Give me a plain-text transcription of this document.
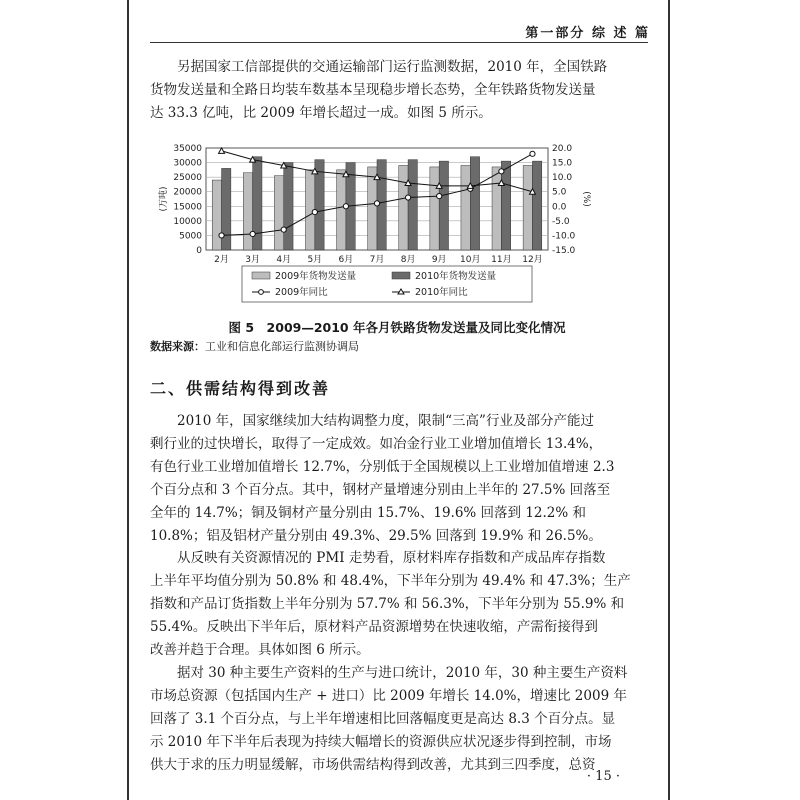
第一部分 综 述 篇

另据国家工信部提供的交通运输部门运行监测数据，2010 年，全国铁路
货物发送量和全路日均装车数基本呈现稳步增长态势，全年铁路货物发送量
达 33.3 亿吨，比 2009 年增长超过一成。如图 5 所示。

0
5000
10000
15000
20000
25000
30000
35000
-15.0
-10.0
-5.0
0.0
5.0
10.0
15.0
20.0
(万吨)	(%)
2月 3月 4月 5月 6月 7月 8月 9月 10月 11月 12月
2009年货物发送量	2010年货物发送量
2009年同比	2010年同比
图 5　2009—2010 年各月铁路货物发送量及同比变化情况
数据来源：工业和信息化部运行监测协调局
二、供需结构得到改善

2010 年，国家继续加大结构调整力度，限制“三高”行业及部分产能过
剩行业的过快增长，取得了一定成效。如冶金行业工业增加值增长 13.4%，
有色行业工业增加值增长 12.7%，分别低于全国规模以上工业增加值增速 2.3
个百分点和 3 个百分点。其中，钢材产量增速分别由上半年的 27.5% 回落至
全年的 14.7%；铜及铜材产量分别由 15.7%、19.6% 回落到 12.2% 和
10.8%；铝及铝材产量分别由 49.3%、29.5% 回落到 19.9% 和 26.5%。

从反映有关资源情况的 PMI 走势看，原材料库存指数和产成品库存指数
上半年平均值分别为 50.8% 和 48.4%，下半年分别为 49.4% 和 47.3%；生产
指数和产品订货指数上半年分别为 57.7% 和 56.3%，下半年分别为 55.9% 和
55.4%。反映出下半年后，原材料产品资源增势在快速收缩，产需衔接得到
改善并趋于合理。具体如图 6 所示。

据对 30 种主要生产资料的生产与进口统计，2010 年，30 种主要生产资料
市场总资源（包括国内生产 + 进口）比 2009 年增长 14.0%，增速比 2009 年
回落了 3.1 个百分点，与上半年增速相比回落幅度更是高达 8.3 个百分点。显
示 2010 年下半年后表现为持续大幅增长的资源供应状况逐步得到控制，市场
供大于求的压力明显缓解，市场供需结构得到改善，尤其到三四季度，总资

· 15 ·
